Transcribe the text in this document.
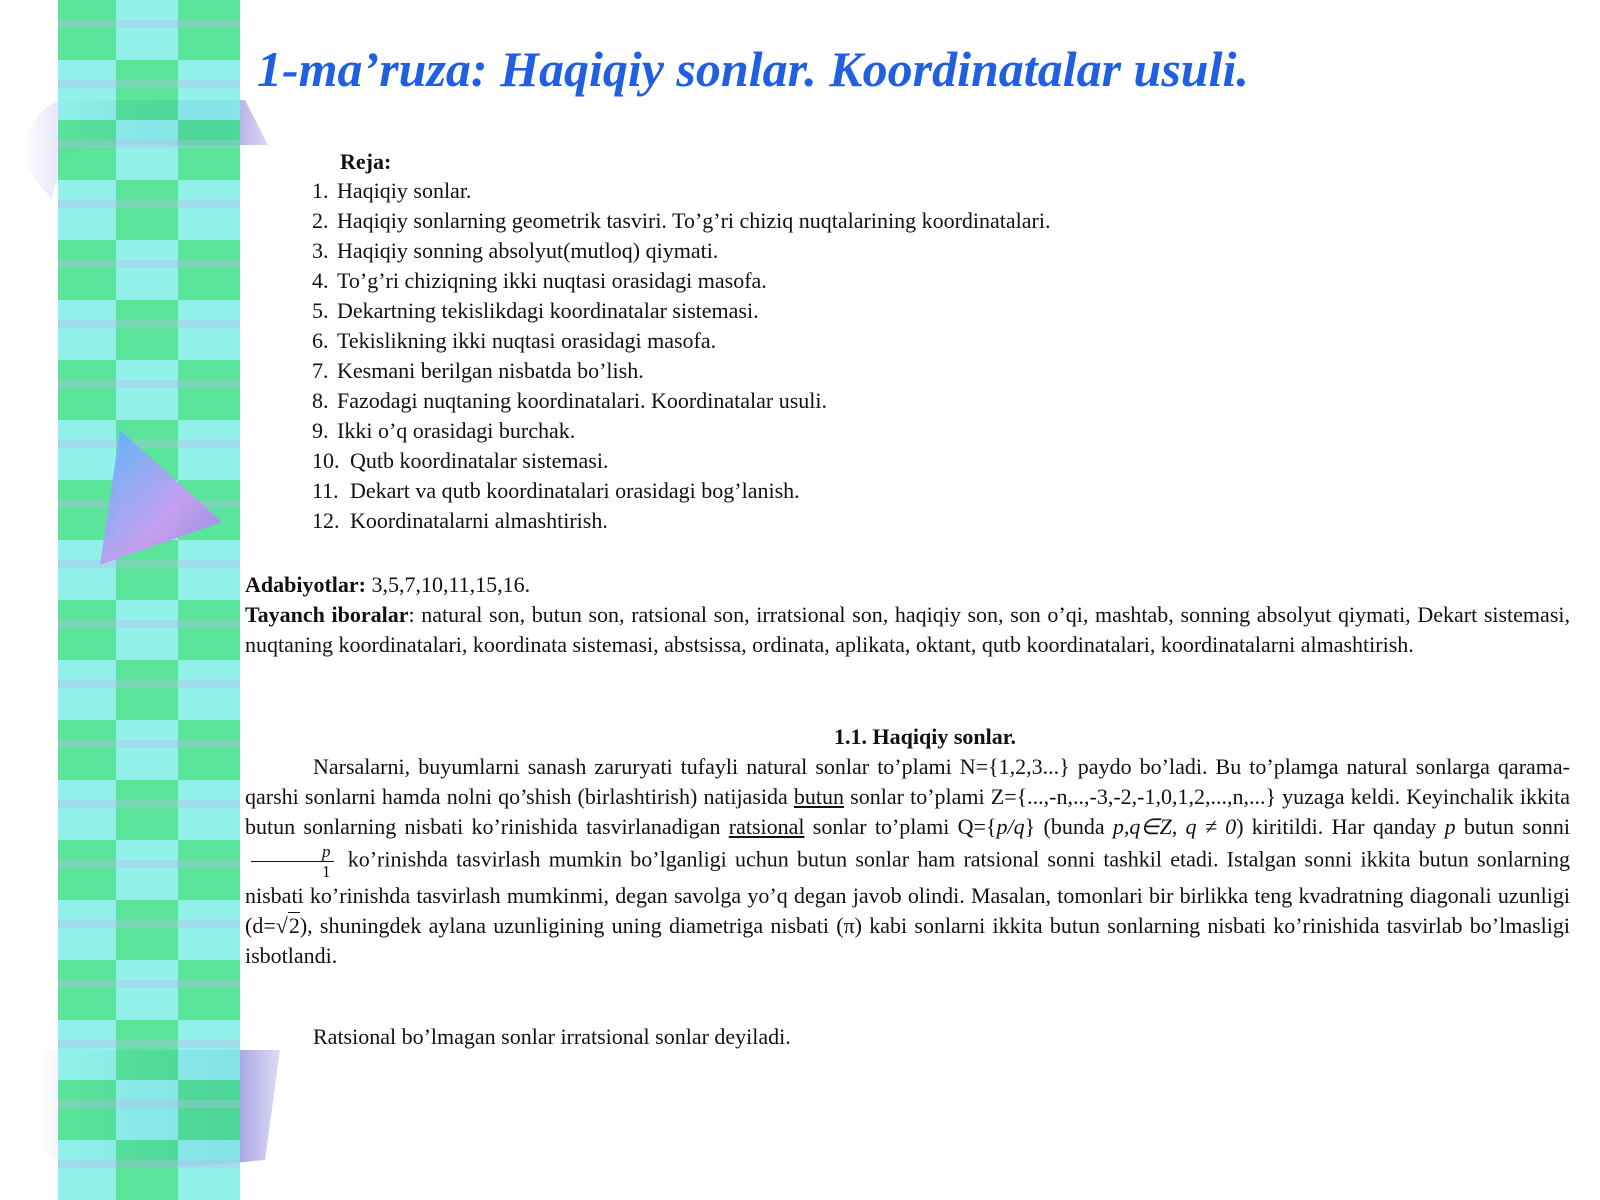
1-ma’ruza: Haqiqiy sonlar. Koordinatalar usuli.
Reja:
1. Haqiqiy sonlar.
2. Haqiqiy sonlarning geometrik tasviri. To’g’ri chiziq nuqtalarining koordinatalari.
3. Haqiqiy sonning absolyut(mutloq) qiymati.
4. To’g’ri chiziqning ikki nuqtasi orasidagi masofa.
5. Dekartning tekislikdagi koordinatalar sistemasi.
6. Tekislikning ikki nuqtasi orasidagi masofa.
7. Kesmani berilgan nisbatda bo’lish.
8. Fazodagi nuqtaning koordinatalari. Koordinatalar usuli.
9. Ikki o’q orasidagi burchak.
10. Qutb koordinatalar sistemasi.
11. Dekart va qutb koordinatalari orasidagi bog’lanish.
12. Koordinatalarni almashtirish.
Adabiyotlar: 3,5,7,10,11,15,16.
Tayanch iboralar: natural son, butun son, ratsional son, irratsional son, haqiqiy son, son o’qi, mashtab, sonning absolyut qiymati, Dekart sistemasi, nuqtaning koordinatalari, koordinata sistemasi, abstsissa, ordinata, aplikata, oktant, qutb koordinatalari, koordinatalarni almashtirish.
1.1. Haqiqiy sonlar.
Narsalarni, buyumlarni sanash zaruryati tufayli natural sonlar to’plami N={1,2,3...} paydo bo’ladi. Bu to’plamga natural sonlarga qarama-qarshi sonlarni hamda nolni qo’shish (birlashtirish) natijasida butun sonlar to’plami Z={...,-n,..,-3,-2,-1,0,1,2,...,n,...} yuzaga keldi. Keyinchalik ikkita butun sonlarning nisbati ko’rinishida tasvirlanadigan ratsional sonlar to’plami Q={p/q} (bunda p,q∈Z, q ≠ 0) kiritildi. Har qanday p butun sonni
$\frac{p}{1}$ ko’rinishda tasvirlash mumkin bo’lganligi uchun butun sonlar ham ratsional sonni tashkil etadi. Istalgan sonni ikkita butun sonlarning nisbati ko’rinishda tasvirlash mumkinmi, degan savolga yo’q degan javob olindi. Masalan, tomonlari bir birlikka teng kvadratning diagonali uzunligi (d=√2), shuningdek aylana uzunligining uning diametriga nisbati (π) kabi sonlarni ikkita butun sonlarning nisbati ko’rinishida tasvirlab bo’lmasligi isbotlandi.
Ratsional bo’lmagan sonlar irratsional sonlar deyiladi.
